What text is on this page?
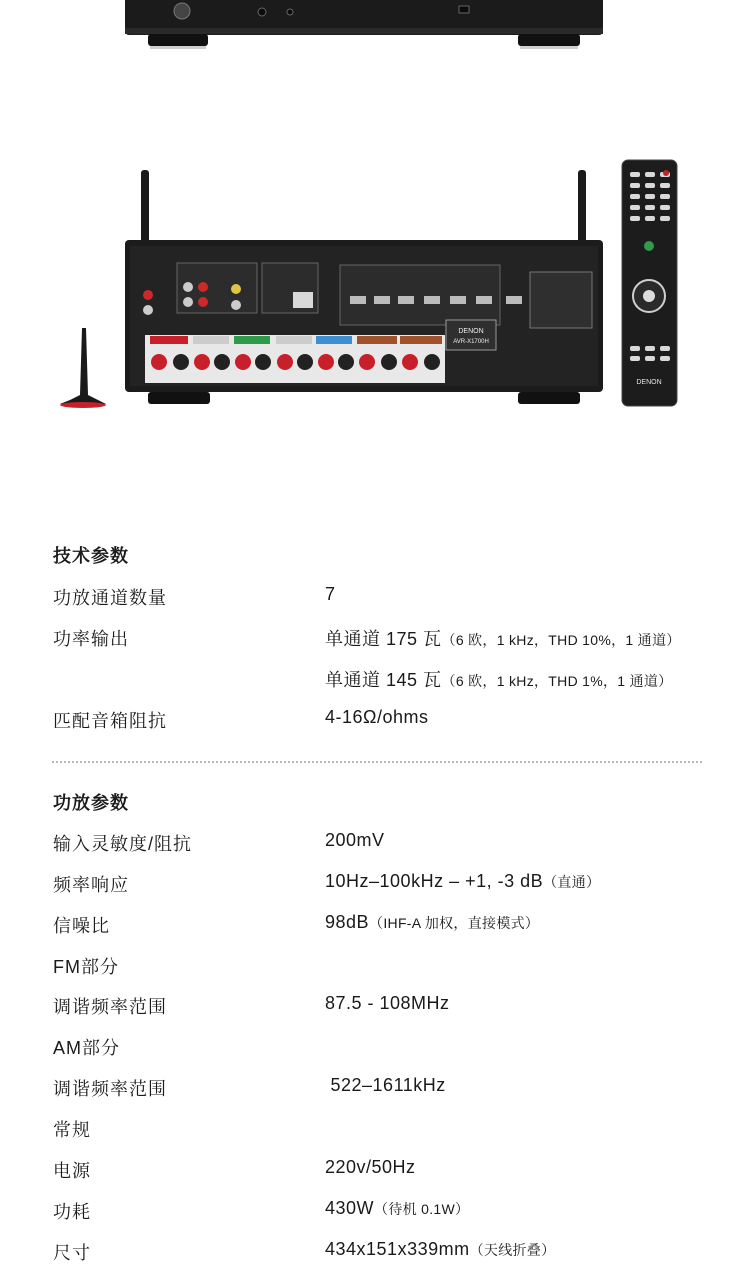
DENON
AVR-X1700H
DENON
技术参数
功放通道数量	7
功率输出	单通道 175 瓦（6 欧，1 kHz，THD 10%，1 通道）
单通道 145 瓦（6 欧，1 kHz，THD 1%，1 通道）
匹配音箱阻抗	4-16Ω/ohms
功放参数
输入灵敏度/阻抗	200mV
频率响应	10Hz–100kHz – +1, -3 dB（直通）
信噪比	98dB（IHF-A 加权，直接模式）
FM部分
调谐频率范围	87.5 - 108MHz
AM部分
调谐频率范围	522–1611kHz
常规
电源	220v/50Hz
功耗	430W（待机 0.1W）
尺寸	434x151x339mm（天线折叠）
